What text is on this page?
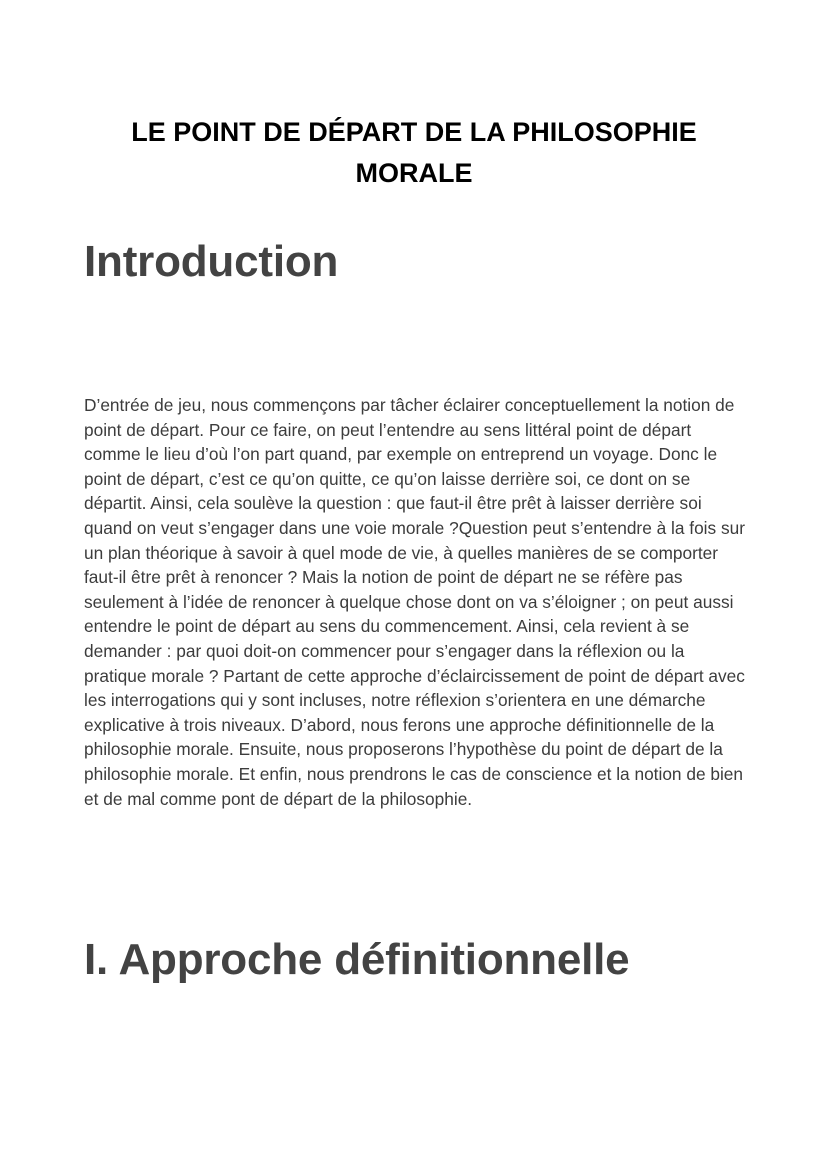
LE POINT DE DÉPART DE LA PHILOSOPHIE MORALE
Introduction

D’entrée de jeu, nous commençons par tâcher éclairer conceptuellement la notion de point de départ. Pour ce faire, on peut l’entendre au sens littéral point de départ comme le lieu d’où l’on part quand, par exemple on entreprend un voyage. Donc le point de départ, c’est ce qu’on quitte, ce qu’on laisse derrière soi, ce dont on se départit. Ainsi, cela soulève la question : que faut-il être prêt à laisser derrière soi quand on veut s’engager dans une voie morale ?Question peut s’entendre à la fois sur un plan théorique à savoir à quel mode de vie, à quelles manières de se comporter faut-il être prêt à renoncer ? Mais la notion de point de départ ne se réfère pas seulement à l’idée de renoncer à quelque chose dont on va s’éloigner ; on peut aussi entendre le point de départ au sens du commencement. Ainsi, cela revient à se demander : par quoi doit-on commencer pour s’engager dans la réflexion ou la pratique morale ? Partant de cette approche d’éclaircissement de point de départ avec les interrogations qui y sont incluses, notre réflexion s’orientera en une démarche explicative à trois niveaux. D’abord, nous ferons une approche définitionnelle de la philosophie morale. Ensuite, nous proposerons l’hypothèse du point de départ de la philosophie morale. Et enfin, nous prendrons le cas de conscience et la notion de bien et de mal comme pont de départ de la philosophie.

I. Approche définitionnelle
